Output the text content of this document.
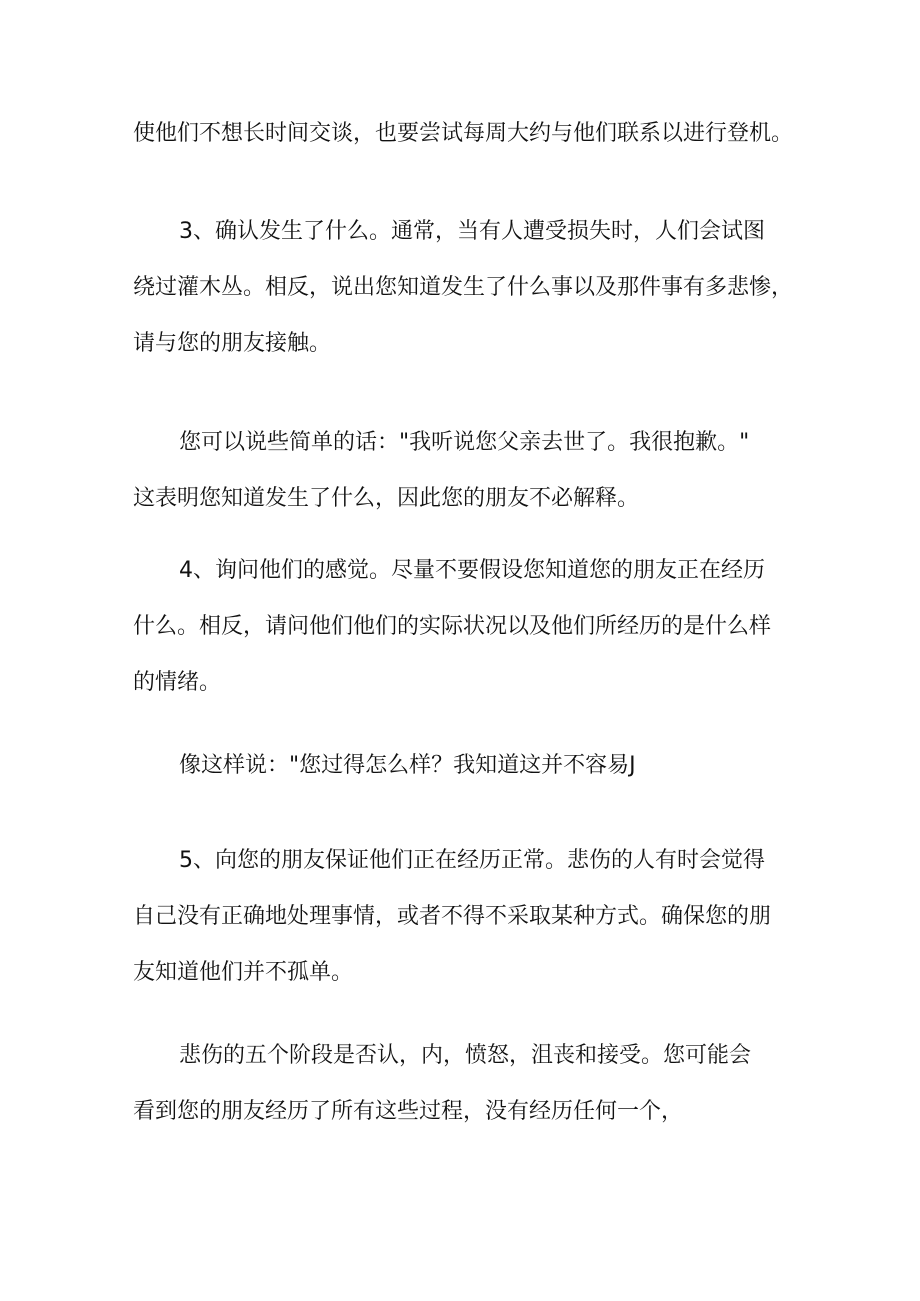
使他们不想长时间交谈，也要尝试每周大约与他们联系以进行登机。
3、确认发生了什么。通常，当有人遭受损失时，人们会试图
绕过灌木丛。相反，说出您知道发生了什么事以及那件事有多悲惨，
请与您的朋友接触。
您可以说些简单的话："我听说您父亲去世了。我很抱歉。"
这表明您知道发生了什么，因此您的朋友不必解释。
4、询问他们的感觉。尽量不要假设您知道您的朋友正在经历
什么。相反，请问他们他们的实际状况以及他们所经历的是什么样
的情绪。
像这样说："您过得怎么样？我知道这并不容易J
5、向您的朋友保证他们正在经历正常。悲伤的人有时会觉得
自己没有正确地处理事情，或者不得不采取某种方式。确保您的朋
友知道他们并不孤单。
悲伤的五个阶段是否认，内，愤怒，沮丧和接受。您可能会
看到您的朋友经历了所有这些过程，没有经历任何一个，
